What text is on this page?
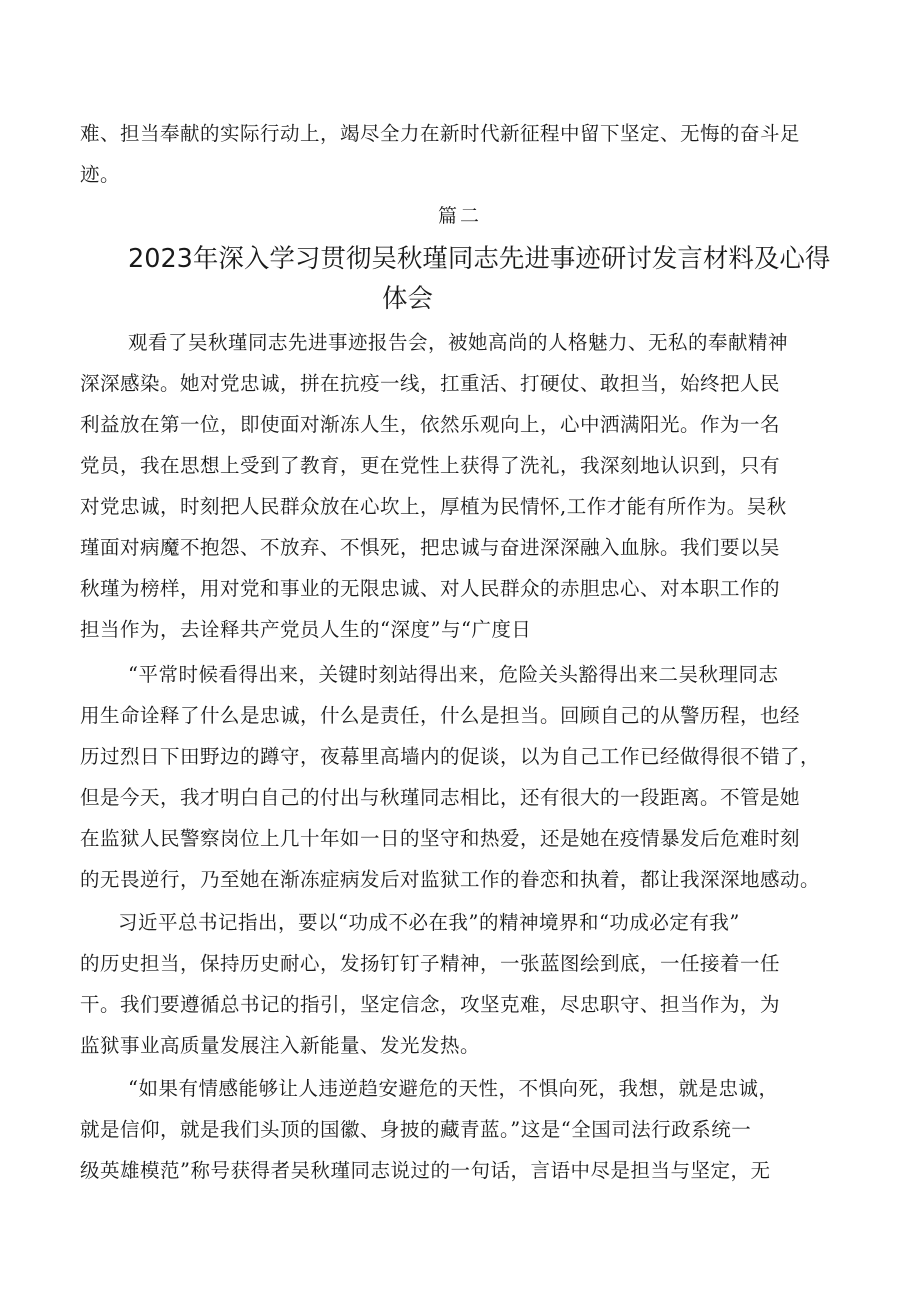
难、担当奉献的实际行动上，竭尽全力在新时代新征程中留下坚定、无悔的奋斗足
迹。
篇二
2023年深入学习贯彻吴秋瑾同志先进事迹研讨发言材料及心得
体会
观看了吴秋瑾同志先进事迹报告会，被她高尚的人格魅力、无私的奉献精神
深深感染。她对党忠诚，拼在抗疫一线，扛重活、打硬仗、敢担当，始终把人民
利益放在第一位，即使面对渐冻人生，依然乐观向上，心中洒满阳光。作为一名
党员，我在思想上受到了教育，更在党性上获得了洗礼，我深刻地认识到，只有
对党忠诚，时刻把人民群众放在心坎上，厚植为民情怀,工作才能有所作为。吴秋
瑾面对病魔不抱怨、不放弃、不惧死，把忠诚与奋进深深融入血脉。我们要以吴
秋瑾为榜样，用对党和事业的无限忠诚、对人民群众的赤胆忠心、对本职工作的
担当作为，去诠释共产党员人生的“深度”与“广度日
“平常时候看得出来，关键时刻站得出来，危险关头豁得出来二吴秋理同志
用生命诠释了什么是忠诚，什么是责任，什么是担当。回顾自己的从警历程，也经
历过烈日下田野边的蹲守，夜幕里高墙内的促谈，以为自己工作已经做得很不错了，
但是今天，我才明白自己的付出与秋瑾同志相比，还有很大的一段距离。不管是她
在监狱人民警察岗位上几十年如一日的坚守和热爱，还是她在疫情暴发后危难时刻
的无畏逆行，乃至她在渐冻症病发后对监狱工作的眷恋和执着，都让我深深地感动。
习近平总书记指出，要以“功成不必在我”的精神境界和“功成必定有我”
的历史担当，保持历史耐心，发扬钉钉子精神，一张蓝图绘到底，一任接着一任
干。我们要遵循总书记的指引，坚定信念，攻坚克难，尽忠职守、担当作为，为
监狱事业高质量发展注入新能量、发光发热。
“如果有情感能够让人违逆趋安避危的天性，不惧向死，我想，就是忠诚，
就是信仰，就是我们头顶的国徽、身披的藏青蓝。”这是“全国司法行政系统一
级英雄模范”称号获得者吴秋瑾同志说过的一句话，言语中尽是担当与坚定，无
